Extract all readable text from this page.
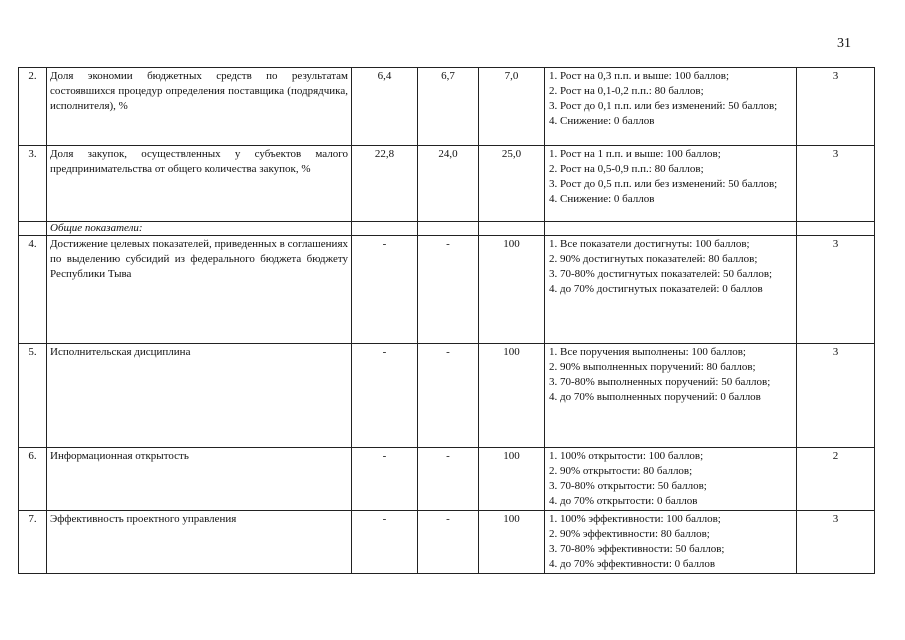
31
2.	Доля экономии бюджетных средств по результатам состоявшихся процедур определения поставщика (подрядчика, исполнителя), %	6,4	6,7	7,0	1. Рост на 0,3 п.п. и выше: 100 баллов;
2. Рост на 0,1-0,2 п.п.: 80 баллов;
3. Рост до 0,1 п.п. или без изменений: 50 баллов;
4. Снижение: 0 баллов	3
3.	Доля закупок, осуществленных у субъектов малого предпринимательства от общего количества закупок, %	22,8	24,0	25,0	1. Рост на 1 п.п. и выше: 100 баллов;
2. Рост на 0,5-0,9 п.п.: 80 баллов;
3. Рост до 0,5 п.п. или без изменений: 50 баллов;
4. Снижение: 0 баллов	3
	Общие показатели:					
4.	Достижение целевых показателей, приведенных в соглашениях по выделению субсидий из федерального бюджета бюджету Республики Тыва	-	-	100	1. Все показатели достигнуты: 100 баллов;
2. 90% достигнутых показателей: 80 баллов;
3. 70-80% достигнутых показателей: 50 баллов;
4. до 70% достигнутых показателей: 0 баллов	3
5.	Исполнительская дисциплина	-	-	100	1. Все поручения выполнены: 100 баллов;
2. 90% выполненных поручений: 80 баллов;
3. 70-80% выполненных поручений: 50 баллов;
4. до 70% выполненных поручений: 0 баллов	3
6.	Информационная открытость	-	-	100	1. 100% открытости: 100 баллов;
2. 90% открытости: 80 баллов;
3. 70-80% открытости: 50 баллов;
4. до 70% открытости: 0 баллов	2
7.	Эффективность проектного управления	-	-	100	1. 100% эффективности: 100 баллов;
2. 90% эффективности: 80 баллов;
3. 70-80% эффективности: 50 баллов;
4. до 70% эффективности: 0 баллов	3
